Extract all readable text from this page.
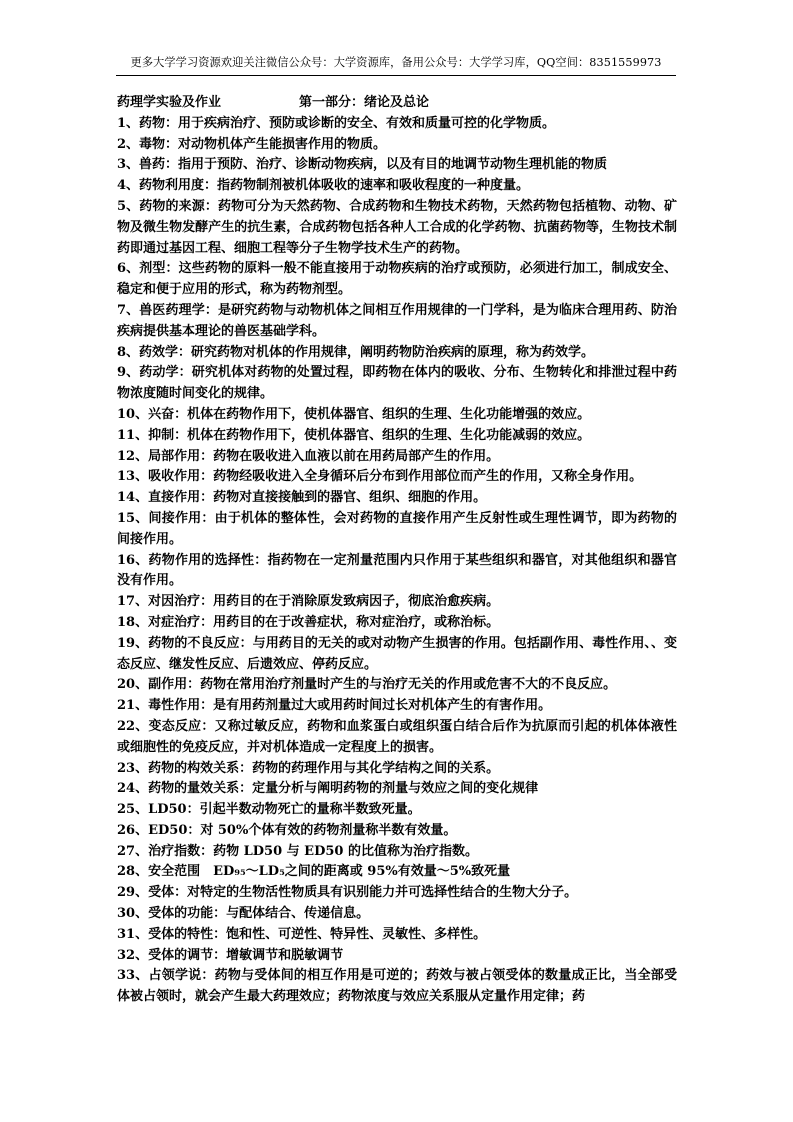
更多大学学习资源欢迎关注微信公众号：大学资源库，备用公众号：大学学习库，QQ空间：8351559973
药理学实验及作业	第一部分：绪论及总论

1、药物：用于疾病治疗、预防或诊断的安全、有效和质量可控的化学物质。

2、毒物：对动物机体产生能损害作用的物质。

3、兽药：指用于预防、治疗、诊断动物疾病，以及有目的地调节动物生理机能的物质

4、药物利用度：指药物制剂被机体吸收的速率和吸收程度的一种度量。

5、药物的来源：药物可分为天然药物、合成药物和生物技术药物，天然药物包括植物、动物、矿物及微生物发酵产生的抗生素，合成药物包括各种人工合成的化学药物、抗菌药物等，生物技术制药即通过基因工程、细胞工程等分子生物学技术生产的药物。

6、剂型：这些药物的原料一般不能直接用于动物疾病的治疗或预防，必须进行加工，制成安全、稳定和便于应用的形式，称为药物剂型。

7、兽医药理学：是研究药物与动物机体之间相互作用规律的一门学科，是为临床合理用药、防治疾病提供基本理论的兽医基础学科。

8、药效学：研究药物对机体的作用规律，阐明药物防治疾病的原理，称为药效学。

9、药动学：研究机体对药物的处置过程，即药物在体内的吸收、分布、生物转化和排泄过程中药物浓度随时间变化的规律。

10、兴奋：机体在药物作用下，使机体器官、组织的生理、生化功能增强的效应。

11、抑制：机体在药物作用下，使机体器官、组织的生理、生化功能减弱的效应。

12、局部作用：药物在吸收进入血液以前在用药局部产生的作用。

13、吸收作用：药物经吸收进入全身循环后分布到作用部位而产生的作用，又称全身作用。

14、直接作用：药物对直接接触到的器官、组织、细胞的作用。

15、间接作用：由于机体的整体性，会对药物的直接作用产生反射性或生理性调节，即为药物的间接作用。

16、药物作用的选择性：指药物在一定剂量范围内只作用于某些组织和器官，对其他组织和器官没有作用。

17、对因治疗：用药目的在于消除原发致病因子，彻底治愈疾病。

18、对症治疗：用药目的在于改善症状，称对症治疗，或称治标。

19、药物的不良反应：与用药目的无关的或对动物产生损害的作用。包括副作用、毒性作用、、变态反应、继发性反应、后遗效应、停药反应。

20、副作用：药物在常用治疗剂量时产生的与治疗无关的作用或危害不大的不良反应。

21、毒性作用：是有用药剂量过大或用药时间过长对机体产生的有害作用。

22、变态反应：又称过敏反应，药物和血浆蛋白或组织蛋白结合后作为抗原而引起的机体体液性或细胞性的免疫反应，并对机体造成一定程度上的损害。

23、药物的构效关系：药物的药理作用与其化学结构之间的关系。

24、药物的量效关系：定量分析与阐明药物的剂量与效应之间的变化规律

25、LD50：引起半数动物死亡的量称半数致死量。

26、ED50：对 50%个体有效的药物剂量称半数有效量。

27、治疗指数：药物 LD50 与 ED50 的比值称为治疗指数。

28、安全范围　ED₉₅～LD₅之间的距离或 95%有效量～5%致死量

29、受体：对特定的生物活性物质具有识别能力并可选择性结合的生物大分子。

30、受体的功能：与配体结合、传递信息。

31、受体的特性：饱和性、可逆性、特异性、灵敏性、多样性。

32、受体的调节：增敏调节和脱敏调节

33、占领学说：药物与受体间的相互作用是可逆的；药效与被占领受体的数量成正比，当全部受体被占领时，就会产生最大药理效应；药物浓度与效应关系服从定量作用定律；药
